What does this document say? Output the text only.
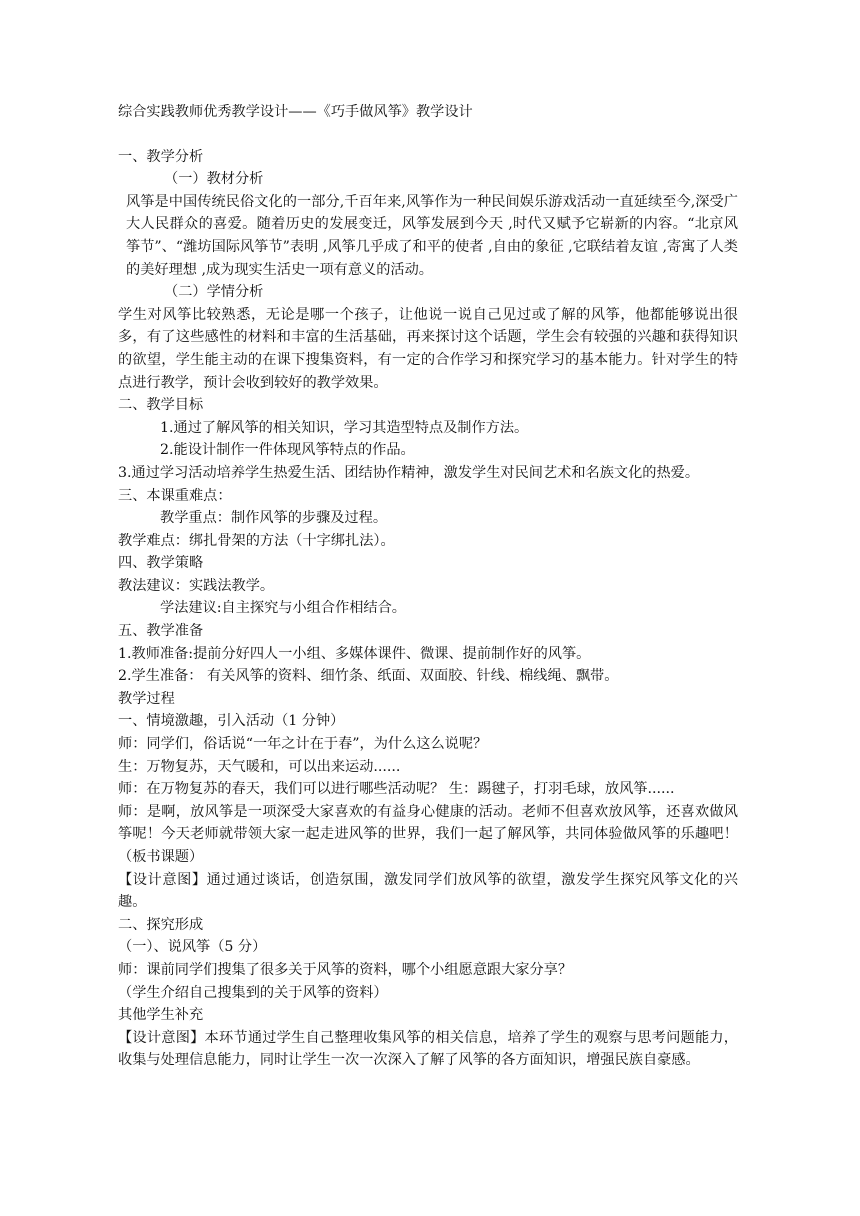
综合实践教师优秀教学设计——《巧手做风筝》教学设计
一、教学分析
（一）教材分析
风筝是中国传统民俗文化的一部分,千百年来,风筝作为一种民间娱乐游戏活动一直延续至今,深受广大人民群众的喜爱。随着历史的发展变迁，风筝发展到今天 ,时代又赋予它崭新的内容。“北京风筝节”、“潍坊国际风筝节”表明 ,风筝几乎成了和平的使者 ,自由的象征 ,它联结着友谊 ,寄寓了人类的美好理想 ,成为现实生活史一项有意义的活动。
（二）学情分析
学生对风筝比较熟悉，无论是哪一个孩子，让他说一说自己见过或了解的风筝，他都能够说出很多，有了这些感性的材料和丰富的生活基础，再来探讨这个话题，学生会有较强的兴趣和获得知识的欲望，学生能主动的在课下搜集资料，有一定的合作学习和探究学习的基本能力。针对学生的特点进行教学，预计会收到较好的教学效果。
二、教学目标
1.通过了解风筝的相关知识，学习其造型特点及制作方法。
2.能设计制作一件体现风筝特点的作品。
3.通过学习活动培养学生热爱生活、团结协作精神，激发学生对民间艺术和名族文化的热爱。
三、本课重难点：
教学重点：制作风筝的步骤及过程。
教学难点：绑扎骨架的方法（十字绑扎法）。
四、教学策略
教法建议：实践法教学。
学法建议:自主探究与小组合作相结合。
五、教学准备
1.教师准备:提前分好四人一小组、多媒体课件、微课、提前制作好的风筝。
2.学生准备： 有关风筝的资料、细竹条、纸面、双面胶、针线、棉线绳、飘带。
教学过程
一、情境激趣，引入活动（1 分钟）
师：同学们，俗话说“一年之计在于春”，为什么这么说呢？
生：万物复苏，天气暖和，可以出来运动......
师：在万物复苏的春天，我们可以进行哪些活动呢？ 生：踢毽子，打羽毛球，放风筝......
师：是啊，放风筝是一项深受大家喜欢的有益身心健康的活动。老师不但喜欢放风筝，还喜欢做风筝呢！今天老师就带领大家一起走进风筝的世界，我们一起了解风筝，共同体验做风筝的乐趣吧！（板书课题）
【设计意图】通过通过谈话，创造氛围，激发同学们放风筝的欲望，激发学生探究风筝文化的兴趣。
二、探究形成
（一）、说风筝（5 分）
师：课前同学们搜集了很多关于风筝的资料，哪个小组愿意跟大家分享？
（学生介绍自己搜集到的关于风筝的资料）
其他学生补充
【设计意图】本环节通过学生自己整理收集风筝的相关信息，培养了学生的观察与思考问题能力，收集与处理信息能力，同时让学生一次一次深入了解了风筝的各方面知识，增强民族自豪感。
